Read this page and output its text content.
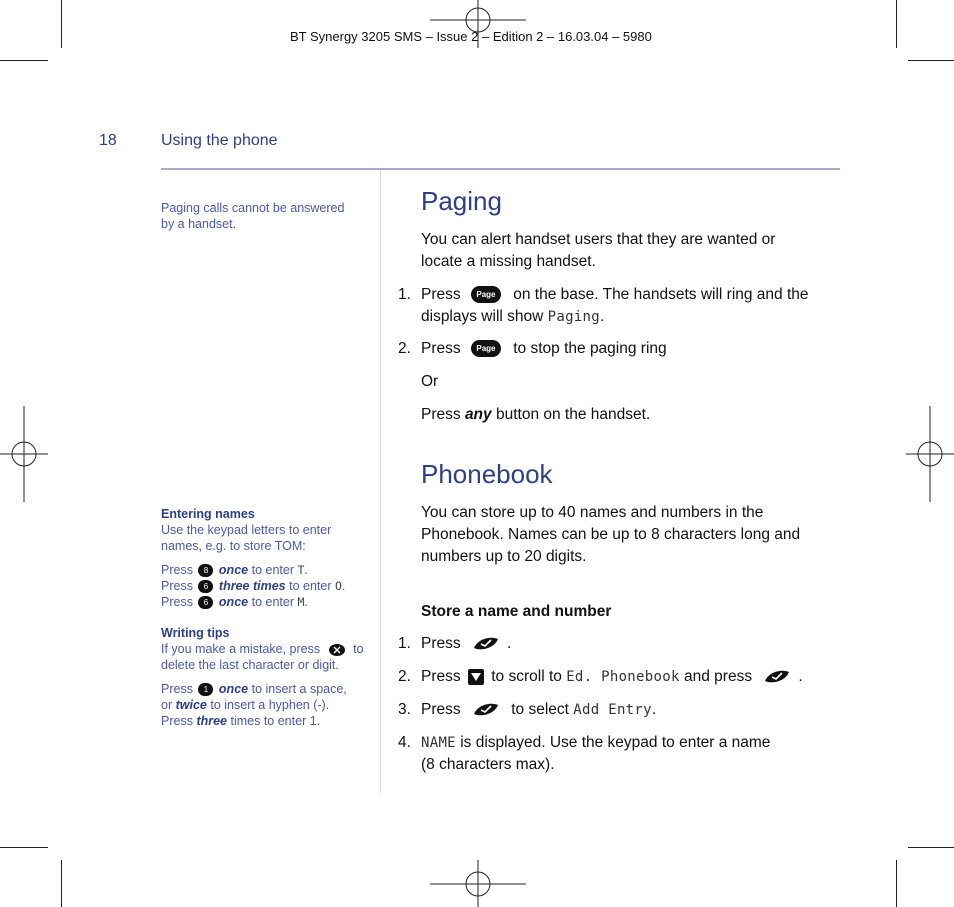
BT Synergy 3205 SMS – Issue 2 – Edition 2 – 16.03.04 – 5980
18	Using the phone
Paging calls cannot be answered by a handset.
Entering names
Use the keypad letters to enter names, e.g. to store TOM:
Press 8 once to enter T.
Press 6 three times to enter O.
Press 6 once to enter M.
Writing tips
If you make a mistake, press	to delete the last character or digit.
Press 1 once to insert a space,
or twice to insert a hyphen (-).
Press three times to enter 1.
Paging
You can alert handset users that they are wanted or locate a missing handset.
1. Press Page on the base. The handsets will ring and the displays will show Paging.
2. Press Page to stop the paging ring
Or
Press any button on the handset.
Phonebook
You can store up to 40 names and numbers in the Phonebook. Names can be up to 8 characters long and numbers up to 20 digits.
Store a name and number
1. Press	.
2. Press to scroll to Ed. Phonebook and press	.
3. Press	to select Add Entry.
4. NAME is displayed. Use the keypad to enter a name
(8 characters max).
